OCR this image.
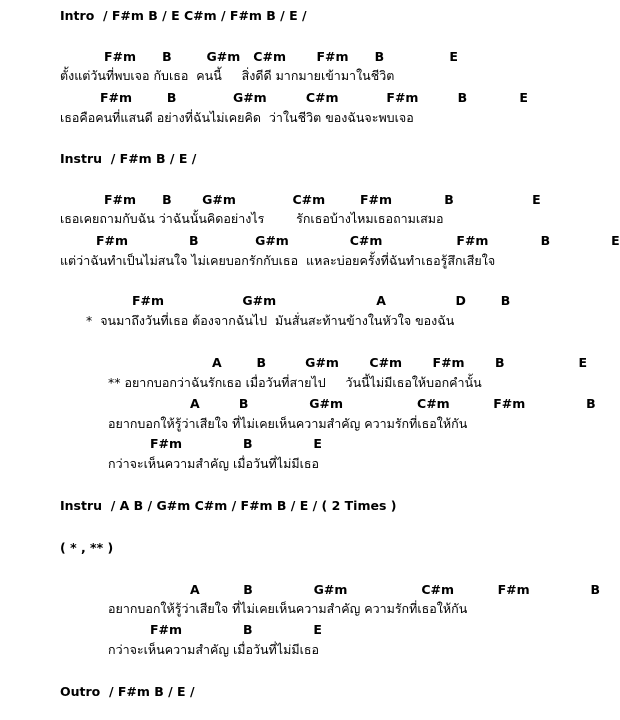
Intro  / F#m B / E C#m / F#m B / E /
F#m      B        G#m   C#m       F#m      B               E
ตั้งแต่วันที่พบเจอ กับเธอ  คนนี้     สิ่งดีดี มากมายเข้ามาในชีวิต
F#m        B             G#m         C#m           F#m         B            E
เธอคือคนที่แสนดี อย่างที่ฉันไม่เคยคิด  ว่าในชีวิต ของฉันจะพบเจอ
Instru  / F#m B / E /
F#m      B       G#m             C#m        F#m            B                  E
เธอเคยถามกับฉัน ว่าฉันนั้นคิดอย่างไร        รักเธอบ้างไหมเธอถามเสมอ
F#m              B             G#m              C#m                 F#m            B              E
แต่ว่าฉันทำเป็นไม่สนใจ ไม่เคยบอกรักกับเธอ  แหละบ่อยครั้งที่ฉันทำเธอรู้สึกเสียใจ
F#m                  G#m                       A                D        B
*  จนมาถึงวันที่เธอ ต้องจากฉันไป  มันสั่นสะท้านข้างในหัวใจ ของฉัน
A        B         G#m       C#m       F#m       B                 E
** อยากบอกว่าฉันรักเธอ เมื่อวันที่สายไป     วันนี้ไม่มีเธอให้บอกคำนั้น
A         B              G#m                 C#m          F#m              B
อยากบอกให้รู้ว่าเสียใจ ที่ไม่เคยเห็นความสำคัญ ความรักที่เธอให้กัน
F#m              B              E
กว่าจะเห็นความสำคัญ เมื่อวันที่ไม่มีเธอ
Instru  / A B / G#m C#m / F#m B / E / ( 2 Times )
( * , ** )
A          B              G#m                 C#m          F#m              B
อยากบอกให้รู้ว่าเสียใจ ที่ไม่เคยเห็นความสำคัญ ความรักที่เธอให้กัน
F#m              B              E
กว่าจะเห็นความสำคัญ เมื่อวันที่ไม่มีเธอ
Outro  / F#m B / E /
